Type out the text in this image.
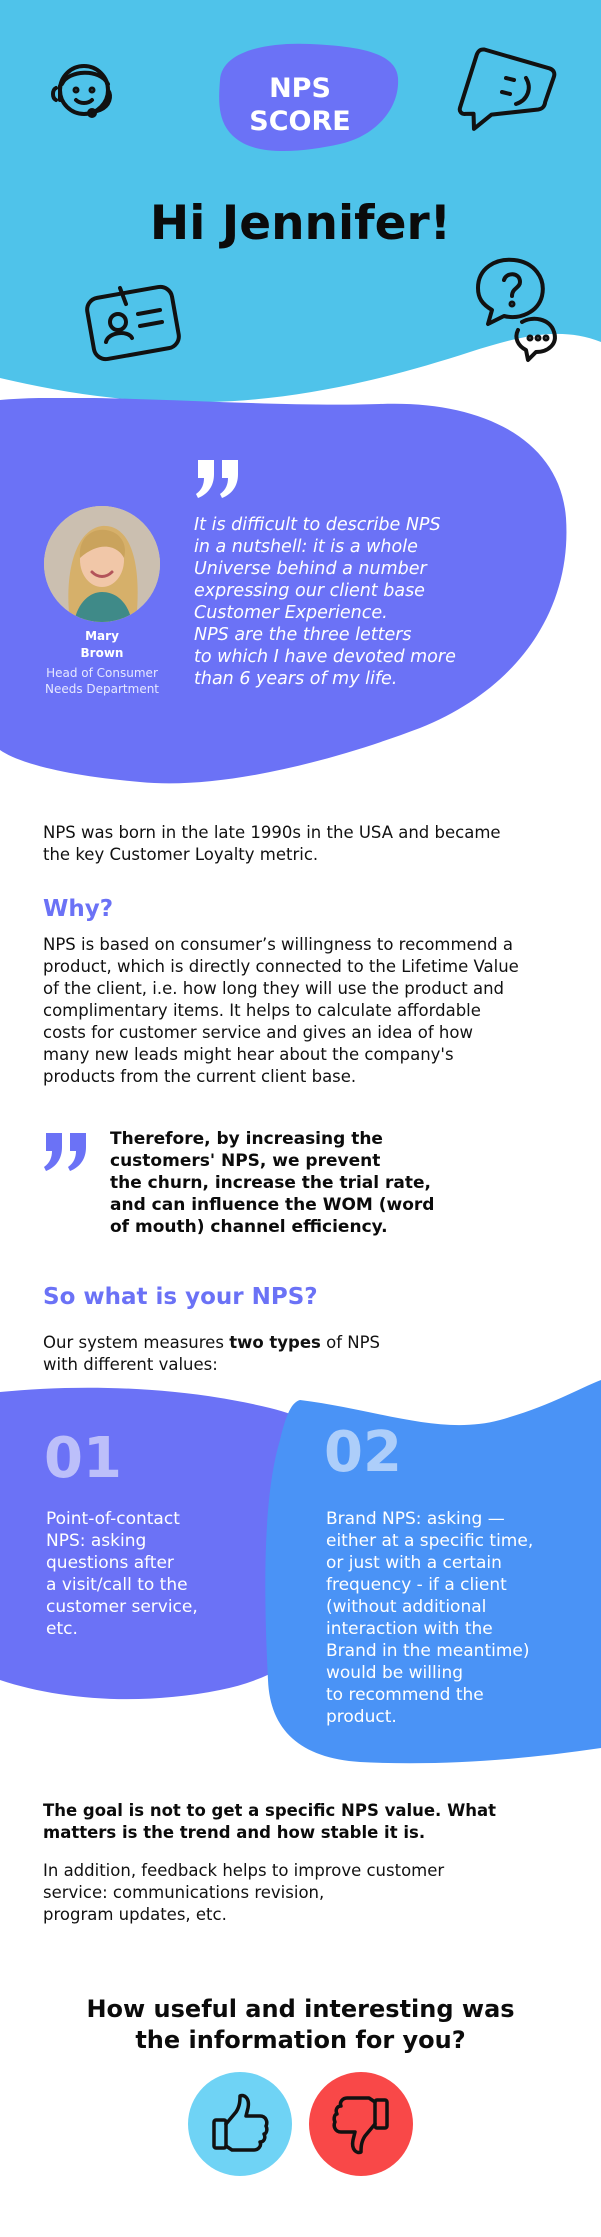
NPS
SCORE
Hi Jennifer!
Mary
Brown
Head of Consumer
Needs Department
It is difficult to describe NPS
in a nutshell: it is a whole
Universe behind a number
expressing our client base
Customer Experience.
NPS are the three letters
to which I have devoted more
than 6 years of my life.
NPS was born in the late 1990s in the USA and became
the key Customer Loyalty metric.
Why?
NPS is based on consumer’s willingness to recommend a
product, which is directly connected to the Lifetime Value
of the client, i.e. how long they will use the product and
complimentary items. It helps to calculate affordable
costs for customer service and gives an idea of how
many new leads might hear about the company's
products from the current client base.
Therefore, by increasing the
customers' NPS, we prevent
the churn, increase the trial rate,
and can influence the WOM (word
of mouth) channel efficiency.
So what is your NPS?
Our system measures two types of NPS
with different values:
01
Point-of-contact
NPS: asking
questions after
a visit/call to the
customer service,
etc.
02
Brand NPS: asking —
either at a specific time,
or just with a certain
frequency - if a client
(without additional
interaction with the
Brand in the meantime)
would be willing
to recommend the
product.
The goal is not to get a specific NPS value. What
matters is the trend and how stable it is.
In addition, feedback helps to improve customer
service: communications revision,
program updates, etc.
How useful and interesting was
the information for you?
